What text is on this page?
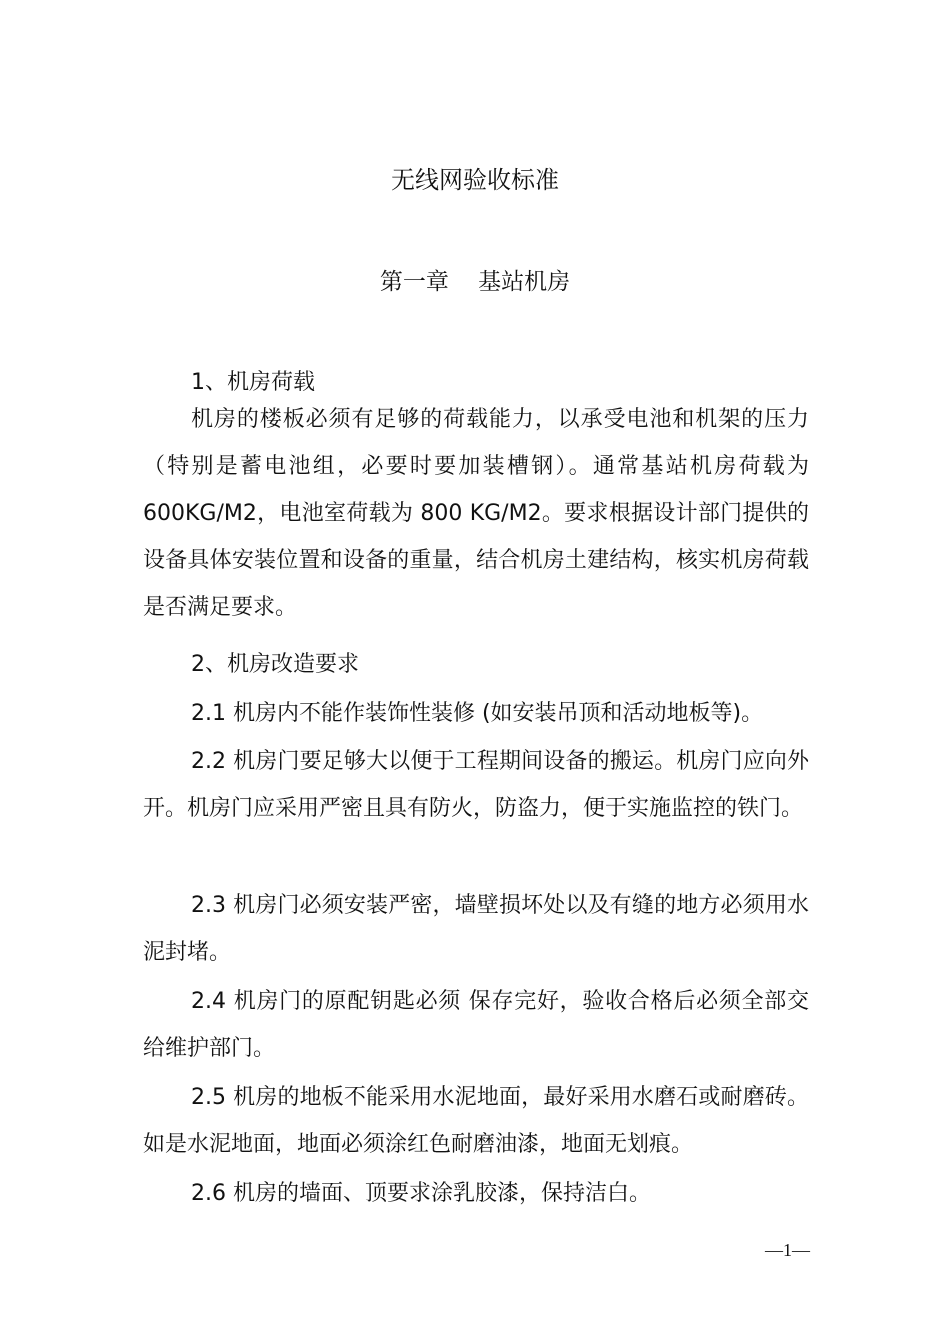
无线网验收标准
第一章    基站机房
1、机房荷载

机房的楼板必须有足够的荷载能力，以承受电池和机架的压力（特别是蓄电池组，必要时要加装槽钢）。通常基站机房荷载为 600KG/M2，电池室荷载为 800 KG/M2。要求根据设计部门提供的设备具体安装位置和设备的重量，结合机房土建结构，核实机房荷载是否满足要求。

2、机房改造要求

2.1 机房内不能作装饰性装修 (如安装吊顶和活动地板等)。

2.2 机房门要足够大以便于工程期间设备的搬运。机房门应向外开。机房门应采用严密且具有防火，防盗力，便于实施监控的铁门。

2.3 机房门必须安装严密，墙壁损坏处以及有缝的地方必须用水泥封堵。

2.4 机房门的原配钥匙必须 保存完好，验收合格后必须全部交给维护部门。

2.5 机房的地板不能采用水泥地面，最好采用水磨石或耐磨砖。如是水泥地面，地面必须涂红色耐磨油漆，地面无划痕。

2.6 机房的墙面、顶要求涂乳胶漆，保持洁白。

—1—
